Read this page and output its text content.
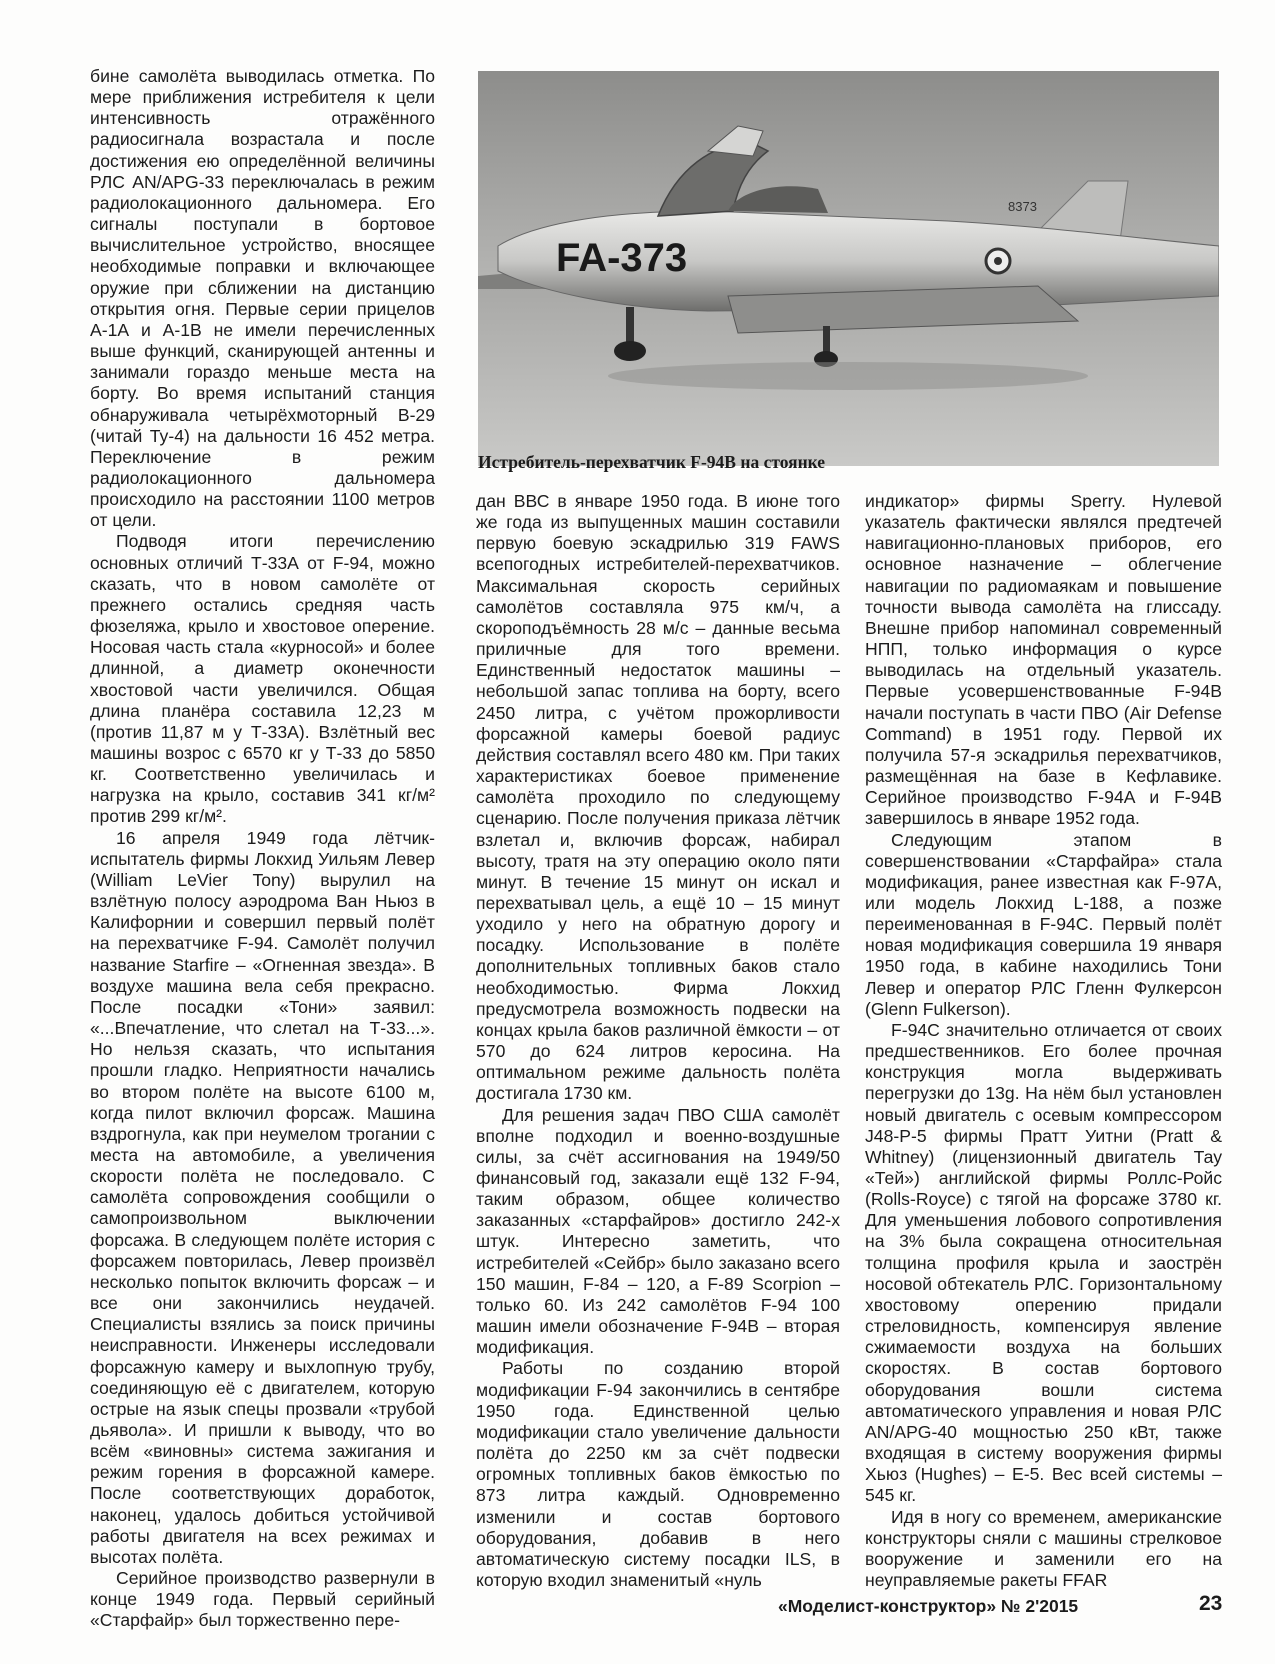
бине самолёта выводилась отметка. По мере приближения истребителя к цели интенсивность отражённого радиосигнала возрастала и после достижения ею определённой величины РЛС AN/APG-33 переключалась в режим радиолокационного дальномера. Его сигналы поступали в бортовое вычислительное устройство, вносящее необходимые поправки и включающее оружие при сближении на дистанцию открытия огня. Первые серии прицелов А-1А и А-1В не имели перечисленных выше функций, сканирующей антенны и занимали гораздо меньше места на борту. Во время испытаний станция обнаруживала четырёхмоторный В-29 (читай Ту-4) на дальности 16 452 метра. Переключение в режим радиолокационного дальномера происходило на расстоянии 1100 метров от цели.

Подводя итоги перечислению основных отличий Т-33А от F-94, можно сказать, что в новом самолёте от прежнего остались средняя часть фюзеляжа, крыло и хвостовое оперение. Носовая часть стала «курносой» и более длинной, а диаметр оконечности хвостовой части увеличился. Общая длина планёра составила 12,23 м (против 11,87 м у Т-33А). Взлётный вес машины возрос с 6570 кг у Т-33 до 5850 кг. Соответственно увеличилась и нагрузка на крыло, составив 341 кг/м² против 299 кг/м².

16 апреля 1949 года лётчик-испытатель фирмы Локхид Уильям Левер (William LeVier Tony) вырулил на взлётную полосу аэродрома Ван Ньюз в Калифорнии и совершил первый полёт на перехватчике F-94. Самолёт получил название Starfire – «Огненная звезда». В воздухе машина вела себя прекрасно. После посадки «Тони» заявил: «...Впечатление, что слетал на Т-33...». Но нельзя сказать, что испытания прошли гладко. Неприятности начались во втором полёте на высоте 6100 м, когда пилот включил форсаж. Машина вздрогнула, как при неумелом трогании с места на автомобиле, а увеличения скорости полёта не последовало. С самолёта сопровождения сообщили о самопроизвольном выключении форсажа. В следующем полёте история с форсажем повторилась, Левер произвёл несколько попыток включить форсаж – и все они закончились неудачей. Специалисты взялись за поиск причины неисправности. Инженеры исследовали форсажную камеру и выхлопную трубу, соединяющую её с двигателем, которую острые на язык спецы прозвали «трубой дьявола». И пришли к выводу, что во всём «виновны» система зажигания и режим горения в форсажной камере. После соответствующих доработок, наконец, удалось добиться устойчивой работы двигателя на всех режимах и высотах полёта.

Серийное производство развернули в конце 1949 года. Первый серийный «Старфайр» был торжественно пере-

FA-373
8373
Истребитель-перехватчик F-94B на стоянке

дан ВВС в январе 1950 года. В июне того же года из выпущенных машин составили первую боевую эскадрилью 319 FAWS всепогодных истребителей-перехватчиков. Максимальная скорость серийных самолётов составляла 975 км/ч, а скороподъёмность 28 м/с – данные весьма приличные для того времени. Единственный недостаток машины – небольшой запас топлива на борту, всего 2450 литра, с учётом прожорливости форсажной камеры боевой радиус действия составлял всего 480 км. При таких характеристиках боевое применение самолёта проходило по следующему сценарию. После получения приказа лётчик взлетал и, включив форсаж, набирал высоту, тратя на эту операцию около пяти минут. В течение 15 минут он искал и перехватывал цель, а ещё 10 – 15 минут уходило у него на обратную дорогу и посадку. Использование в полёте дополнительных топливных баков стало необходимостью. Фирма Локхид предусмотрела возможность подвески на концах крыла баков различной ёмкости – от 570 до 624 литров керосина. На оптимальном режиме дальность полёта достигала 1730 км.

Для решения задач ПВО США самолёт вполне подходил и военно-воздушные силы, за счёт ассигнования на 1949/50 финансовый год, заказали ещё 132 F-94, таким образом, общее количество заказанных «старфайров» достигло 242-х штук. Интересно заметить, что истребителей «Сейбр» было заказано всего 150 машин, F-84 – 120, а F-89 Scorpion – только 60. Из 242 самолётов F-94 100 машин имели обозначение F-94B – вторая модификация.

Работы по созданию второй модификации F-94 закончились в сентябре 1950 года. Единственной целью модификации стало увеличение дальности полёта до 2250 км за счёт подвески огромных топливных баков ёмкостью по 873 литра каждый. Одновременно изменили и состав бортового оборудования, добавив в него автоматическую систему посадки ILS, в которую входил знаменитый «нуль

индикатор» фирмы Sperry. Нулевой указатель фактически являлся предтечей навигационно-плановых приборов, его основное назначение – облегчение навигации по радиомаякам и повышение точности вывода самолёта на глиссаду. Внешне прибор напоминал современный НПП, только информация о курсе выводилась на отдельный указатель. Первые усовершенствованные F-94B начали поступать в части ПВО (Air Defense Command) в 1951 году. Первой их получила 57-я эскадрилья перехватчиков, размещённая на базе в Кефлавике. Серийное производство F-94A и F-94B завершилось в январе 1952 года.

Следующим этапом в совершенствовании «Старфайра» стала модификация, ранее известная как F-97A, или модель Локхид L-188, а позже переименованная в F-94C. Первый полёт новая модификация совершила 19 января 1950 года, в кабине находились Тони Левер и оператор РЛС Гленн Фулкерсон (Glenn Fulkerson).

F-94C значительно отличается от своих предшественников. Его более прочная конструкция могла выдерживать перегрузки до 13g. На нём был установлен новый двигатель с осевым компрессором J48-P-5 фирмы Пратт Уитни (Pratt & Whitney) (лицензионный двигатель Тау «Тей») английской фирмы Роллс-Ройс (Rolls-Royce) с тягой на форсаже 3780 кг. Для уменьшения лобового сопротивления на 3% была сокращена относительная толщина профиля крыла и заострён носовой обтекатель РЛС. Горизонтальному хвостовому оперению придали стреловидность, компенсируя явление сжимаемости воздуха на больших скоростях. В состав бортового оборудования вошли система автоматического управления и новая РЛС AN/APG-40 мощностью 250 кВт, также входящая в систему вооружения фирмы Хьюз (Hughes) – Е-5. Вес всей системы – 545 кг.

Идя в ногу со временем, американские конструкторы сняли с машины стрелковое вооружение и заменили его на неуправляемые ракеты FFAR

«Моделист-конструктор» № 2'2015	23
